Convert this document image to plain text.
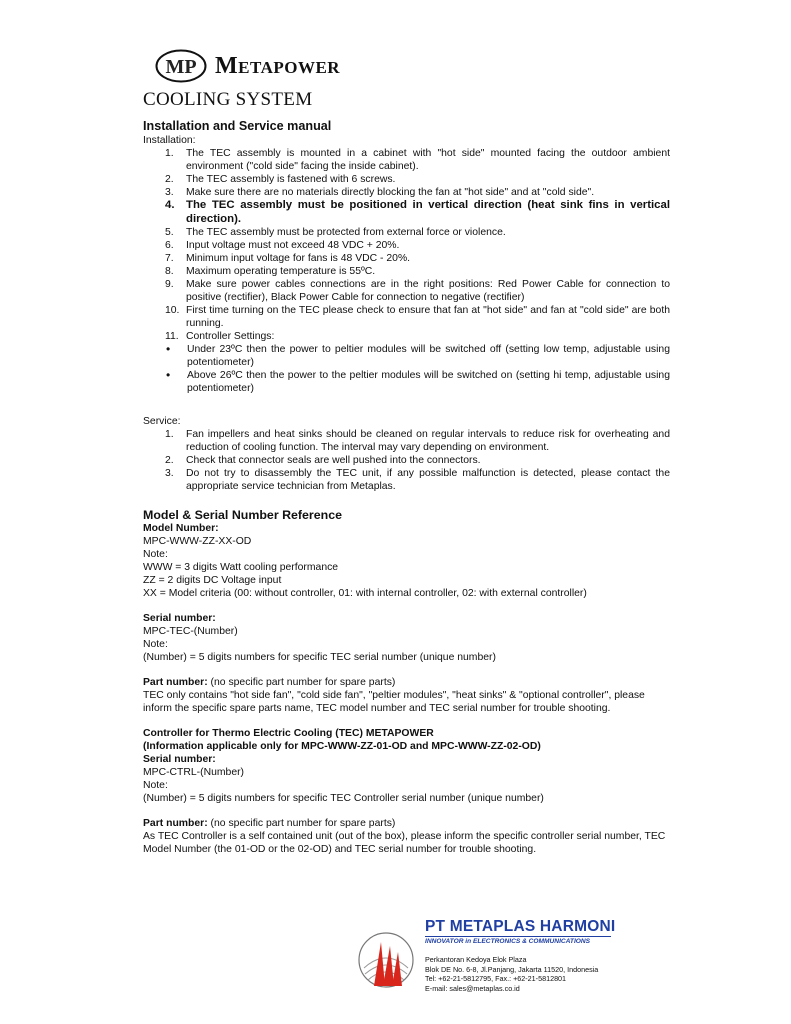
MP METAPOWER
COOLING SYSTEM
Installation and Service manual
Installation:
1. The TEC assembly is mounted in a cabinet with "hot side" mounted facing the outdoor ambient environment ("cold side" facing the inside cabinet).
2. The TEC assembly is fastened with 6 screws.
3. Make sure there are no materials directly blocking the fan at "hot side" and at "cold side".
4. The TEC assembly must be positioned in vertical direction (heat sink fins in vertical direction).
5. The TEC assembly must be protected from external force or violence.
6. Input voltage must not exceed 48 VDC + 20%.
7. Minimum input voltage for fans is 48 VDC - 20%.
8. Maximum operating temperature is 55ºC.
9. Make sure power cables connections are in the right positions: Red Power Cable for connection to positive (rectifier), Black Power Cable for connection to negative (rectifier)
10. First time turning on the TEC please check to ensure that fan at "hot side" and fan at "cold side" are both running.
11. Controller Settings:
• Under 23ºC then the power to peltier modules will be switched off (setting low temp, adjustable using potentiometer)
• Above 26ºC then the power to the peltier modules will be switched on (setting hi temp, adjustable using potentiometer)
Service:
1. Fan impellers and heat sinks should be cleaned on regular intervals to reduce risk for overheating and reduction of cooling function. The interval may vary depending on environment.
2. Check that connector seals are well pushed into the connectors.
3. Do not try to disassembly the TEC unit, if any possible malfunction is detected, please contact the appropriate service technician from Metaplas.
Model & Serial Number Reference

Model Number:

MPC-WWW-ZZ-XX-OD

Note:

WWW = 3 digits Watt cooling performance

ZZ = 2 digits DC Voltage input

XX = Model criteria (00: without controller, 01: with internal controller, 02: with external controller)

Serial number:

MPC-TEC-(Number)

Note:

(Number) = 5 digits numbers for specific TEC serial number (unique number)

Part number: (no specific part number for spare parts)

TEC only contains "hot side fan", "cold side fan", "peltier modules", "heat sinks" & "optional controller", please inform the specific spare parts name, TEC model number and TEC serial number for trouble shooting.

Controller for Thermo Electric Cooling (TEC) METAPOWER

(Information applicable only for MPC-WWW-ZZ-01-OD and MPC-WWW-ZZ-02-OD)

Serial number:

MPC-CTRL-(Number)

Note:

(Number) = 5 digits numbers for specific TEC Controller serial number (unique number)

Part number: (no specific part number for spare parts)

As TEC Controller is a self contained unit (out of the box), please inform the specific controller serial number, TEC Model Number (the 01-OD or the 02-OD) and TEC serial number for trouble shooting.

PT METAPLAS HARMONI
INNOVATOR in ELECTRONICS & COMMUNICATIONS
Perkantoran Kedoya Elok Plaza
Blok DE No. 6-8, Jl.Panjang, Jakarta 11520, Indonesia
Tel: +62-21-5812795, Fax.: +62-21-5812801
E-mail: sales@metaplas.co.id
